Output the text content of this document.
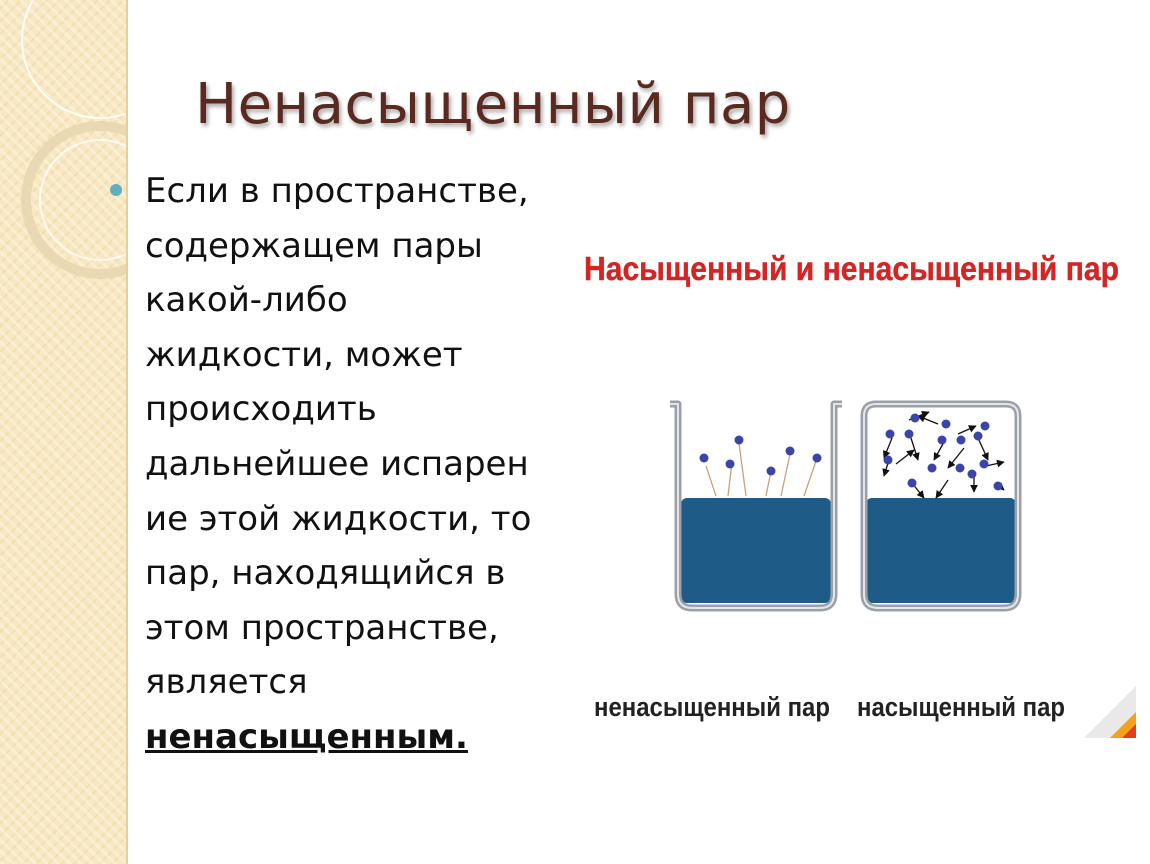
Ненасыщенный пар

Если в пространстве,
содержащем пары
какой-либо
жидкости, может
происходить
дальнейшее испарен
ие этой жидкости, то
пар, находящийся в
этом пространстве,
является
ненасыщенным.

Насыщенный и ненасыщенный пар
ненасыщенный пар насыщенный пар
